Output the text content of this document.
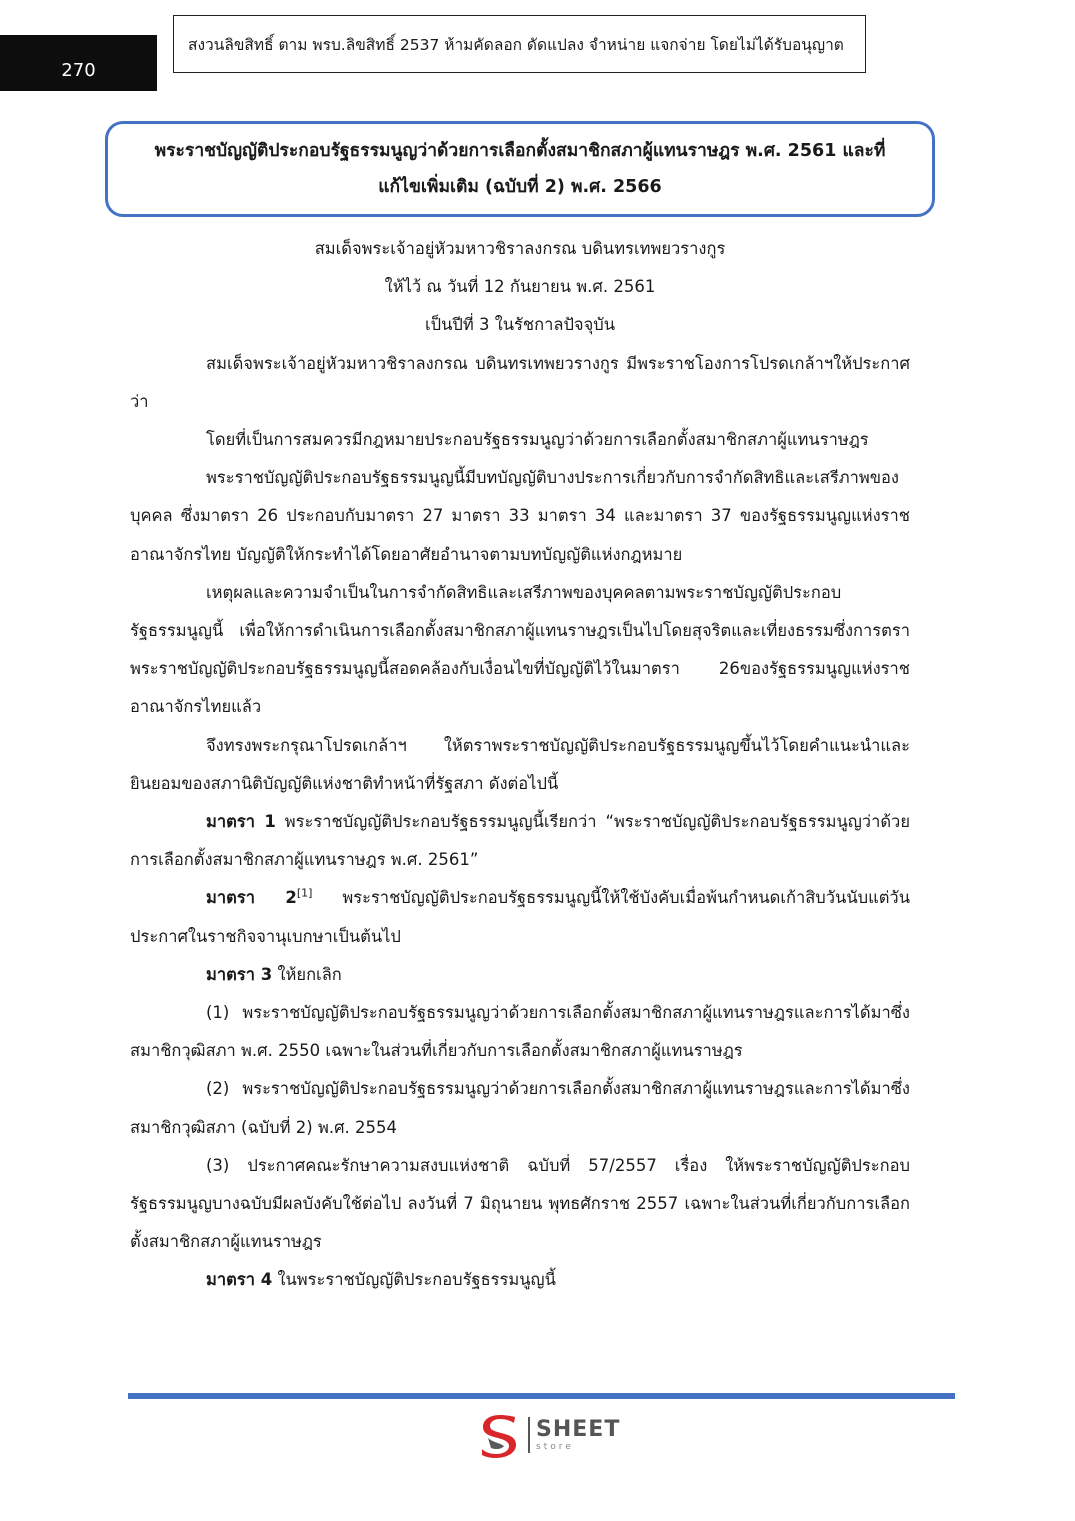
270
สงวนลิขสิทธิ์ ตาม พรบ.ลิขสิทธิ์ 2537 ห้ามคัดลอก ดัดแปลง จำหน่าย แจกจ่าย โดยไม่ได้รับอนุญาต
พระราชบัญญัติประกอบรัฐธรรมนูญว่าด้วยการเลือกตั้งสมาชิกสภาผู้แทนราษฎร พ.ศ. 2561 และที่
แก้ไขเพิ่มเติม (ฉบับที่ 2) พ.ศ. 2566
สมเด็จพระเจ้าอยู่หัวมหาวชิราลงกรณ บดินทรเทพยวรางกูร
ให้ไว้ ณ วันที่ 12 กันยายน พ.ศ. 2561
เป็นปีที่ 3 ในรัชกาลปัจจุบัน

สมเด็จพระเจ้าอยู่หัวมหาวชิราลงกรณ บดินทรเทพยวรางกูร มีพระราชโองการโปรดเกล้าฯให้ประกาศว่า

โดยที่เป็นการสมควรมีกฎหมายประกอบรัฐธรรมนูญว่าด้วยการเลือกตั้งสมาชิกสภาผู้แทนราษฎร

พระราชบัญญัติประกอบรัฐธรรมนูญนี้มีบทบัญญัติบางประการเกี่ยวกับการจำกัดสิทธิและเสรีภาพของบุคคล ซึ่งมาตรา 26 ประกอบกับมาตรา 27 มาตรา 33 มาตรา 34 และมาตรา 37 ของรัฐธรรมนูญแห่งราชอาณาจักรไทย บัญญัติให้กระทำได้โดยอาศัยอำนาจตามบทบัญญัติแห่งกฎหมาย

เหตุผลและความจำเป็นในการจำกัดสิทธิและเสรีภาพของบุคคลตามพระราชบัญญัติประกอบรัฐธรรมนูญนี้ เพื่อให้การดำเนินการเลือกตั้งสมาชิกสภาผู้แทนราษฎรเป็นไปโดยสุจริตและเที่ยงธรรมซึ่งการตราพระราชบัญญัติประกอบรัฐธรรมนูญนี้สอดคล้องกับเงื่อนไขที่บัญญัติไว้ในมาตรา 26ของรัฐธรรมนูญแห่งราชอาณาจักรไทยแล้ว

จึงทรงพระกรุณาโปรดเกล้าฯ ให้ตราพระราชบัญญัติประกอบรัฐธรรมนูญขึ้นไว้โดยคำแนะนำและยินยอมของสภานิติบัญญัติแห่งชาติทำหน้าที่รัฐสภา ดังต่อไปนี้

มาตรา 1 พระราชบัญญัติประกอบรัฐธรรมนูญนี้เรียกว่า “พระราชบัญญัติประกอบรัฐธรรมนูญว่าด้วยการเลือกตั้งสมาชิกสภาผู้แทนราษฎร พ.ศ. 2561”

มาตรา 2[1] พระราชบัญญัติประกอบรัฐธรรมนูญนี้ให้ใช้บังคับเมื่อพ้นกำหนดเก้าสิบวันนับแต่วันประกาศในราชกิจจานุเบกษาเป็นต้นไป

มาตรา 3 ให้ยกเลิก

(1) พระราชบัญญัติประกอบรัฐธรรมนูญว่าด้วยการเลือกตั้งสมาชิกสภาผู้แทนราษฎรและการได้มาซึ่งสมาชิกวุฒิสภา พ.ศ. 2550 เฉพาะในส่วนที่เกี่ยวกับการเลือกตั้งสมาชิกสภาผู้แทนราษฎร

(2) พระราชบัญญัติประกอบรัฐธรรมนูญว่าด้วยการเลือกตั้งสมาชิกสภาผู้แทนราษฎรและการได้มาซึ่งสมาชิกวุฒิสภา (ฉบับที่ 2) พ.ศ. 2554

(3) ประกาศคณะรักษาความสงบแห่งชาติ ฉบับที่ 57/2557 เรื่อง ให้พระราชบัญญัติประกอบรัฐธรรมนูญบางฉบับมีผลบังคับใช้ต่อไป ลงวันที่ 7 มิถุนายน พุทธศักราช 2557 เฉพาะในส่วนที่เกี่ยวกับการเลือกตั้งสมาชิกสภาผู้แทนราษฎร

มาตรา 4 ในพระราชบัญญัติประกอบรัฐธรรมนูญนี้
SHEET
store
